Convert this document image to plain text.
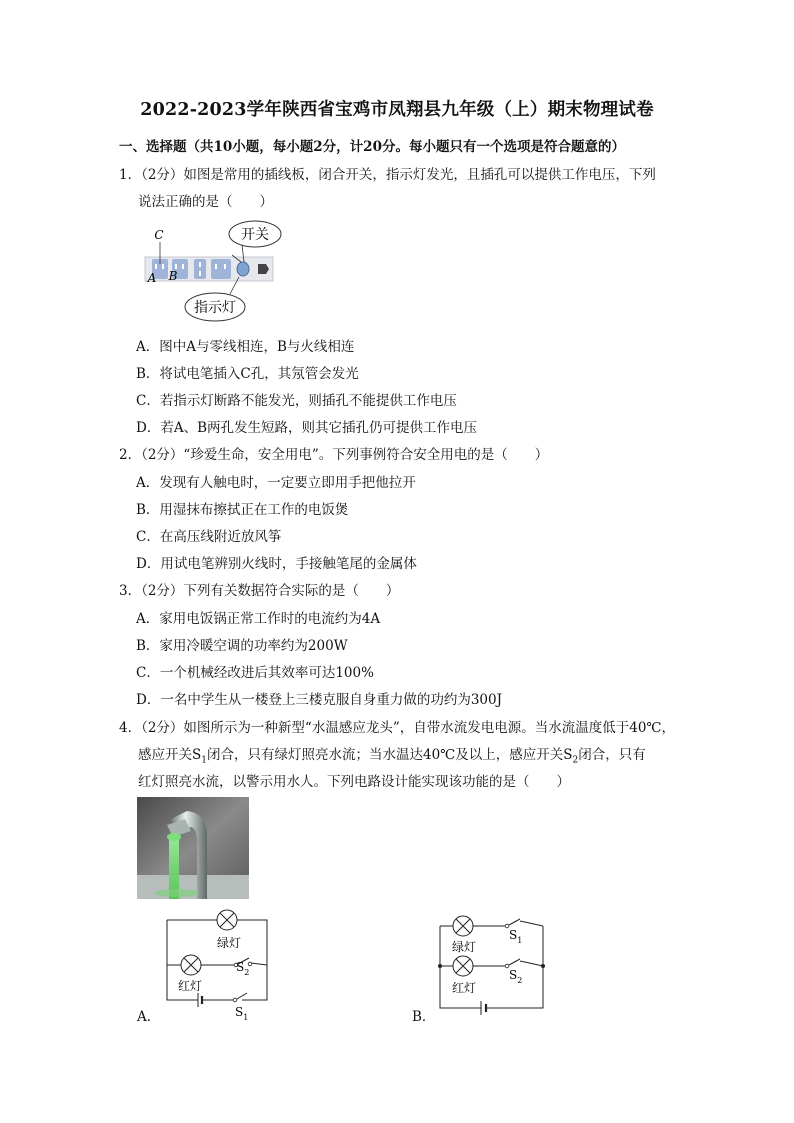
2022-2023学年陕西省宝鸡市凤翔县九年级（上）期末物理试卷
一、选择题（共10小题，每小题2分，计20分。每小题只有一个选项是符合题意的）
1．（2分）如图是常用的插线板，闭合开关，指示灯发光，且插孔可以提供工作电压，下列
说法正确的是（　　）
开关
指示灯
C
A B
A．图中A与零线相连，B与火线相连
B．将试电笔插入C孔，其氖管会发光
C．若指示灯断路不能发光，则插孔不能提供工作电压
D．若A、B两孔发生短路，则其它插孔仍可提供工作电压
2．（2分）“珍爱生命，安全用电”。下列事例符合安全用电的是（　　）
A．发现有人触电时，一定要立即用手把他拉开
B．用湿抹布擦拭正在工作的电饭煲
C．在高压线附近放风筝
D．用试电笔辨别火线时，手接触笔尾的金属体
3．（2分）下列有关数据符合实际的是（　　）
A．家用电饭锅正常工作时的电流约为4A
B．家用冷暖空调的功率约为200W
C．一个机械经改进后其效率可达100%
D．一名中学生从一楼登上三楼克服自身重力做的功约为300J
4．（2分）如图所示为一种新型“水温感应龙头”，自带水流发电电源。当水流温度低于40℃，
感应开关$S_1$闭合，只有绿灯照亮水流；当水温达40℃及以上，感应开关$S_2$闭合，只有
红灯照亮水流，以警示用水人。下列电路设计能实现该功能的是（　　）
绿灯
红灯
$S_2$
$S_1$
A．
绿灯
红灯
$S_1$
$S_2$
B．
